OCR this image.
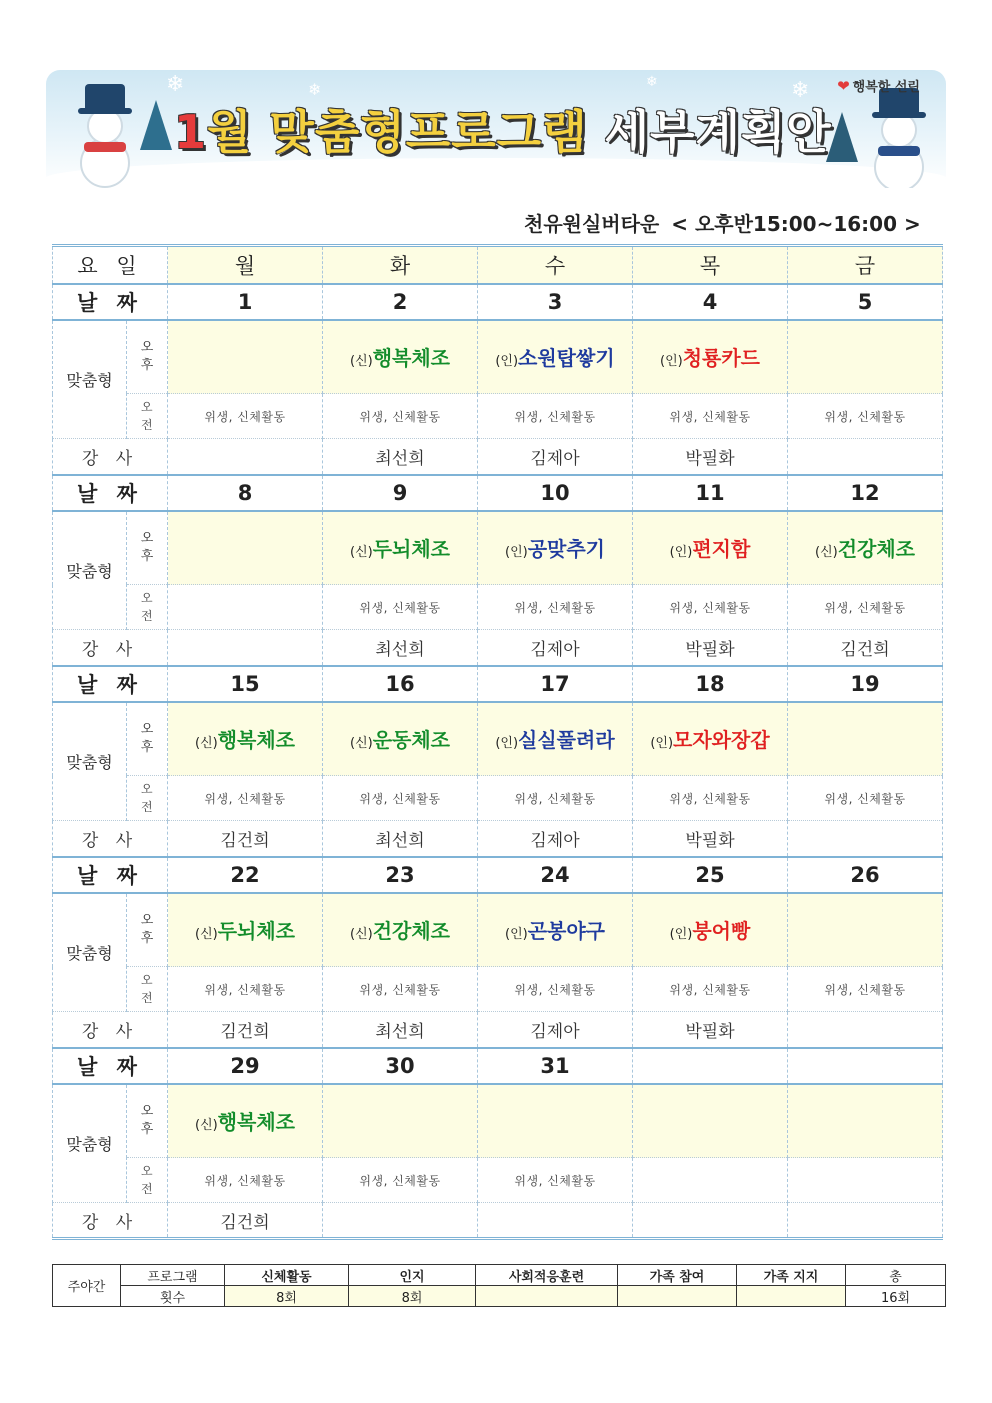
❄	❄	❄
❄
1월 맞춤형프로그램 세부계획안
❤ 행복한 선린
천유원실버타운 < 오후반15:00~16:00 >
요 일		월	화	수	목	금
날 짜		1	2	3	4	5
맞춤형	오
후		(신)행복체조	(인)소원탑쌓기	(인)청룡카드	
	오
전	위생, 신체활동	위생, 신체활동	위생, 신체활동	위생, 신체활동	위생, 신체활동
강 사			최선희	김제아	박필화	
날 짜		8	9	10	11	12
맞춤형	오
후		(신)두뇌체조	(인)공맞추기	(인)편지함	(신)건강체조
	오
전		위생, 신체활동	위생, 신체활동	위생, 신체활동	위생, 신체활동
강 사			최선희	김제아	박필화	김건희
날 짜		15	16	17	18	19
맞춤형	오
후	(신)행복체조	(신)운동체조	(인)실실풀려라	(인)모자와장갑	
	오
전	위생, 신체활동	위생, 신체활동	위생, 신체활동	위생, 신체활동	위생, 신체활동
강 사		김건희	최선희	김제아	박필화	
날 짜		22	23	24	25	26
맞춤형	오
후	(신)두뇌체조	(신)건강체조	(인)곤봉야구	(인)붕어빵	
	오
전	위생, 신체활동	위생, 신체활동	위생, 신체활동	위생, 신체활동	위생, 신체활동
강 사		김건희	최선희	김제아	박필화	
날 짜		29	30	31		
맞춤형	오
후	(신)행복체조				
	오
전	위생, 신체활동	위생, 신체활동	위생, 신체활동		
강 사		김건희				
주야간	프로그램	신체활동	인지	사회적응훈련	가족 참여	가족 지지	총
	횟수	8회	8회				16회
